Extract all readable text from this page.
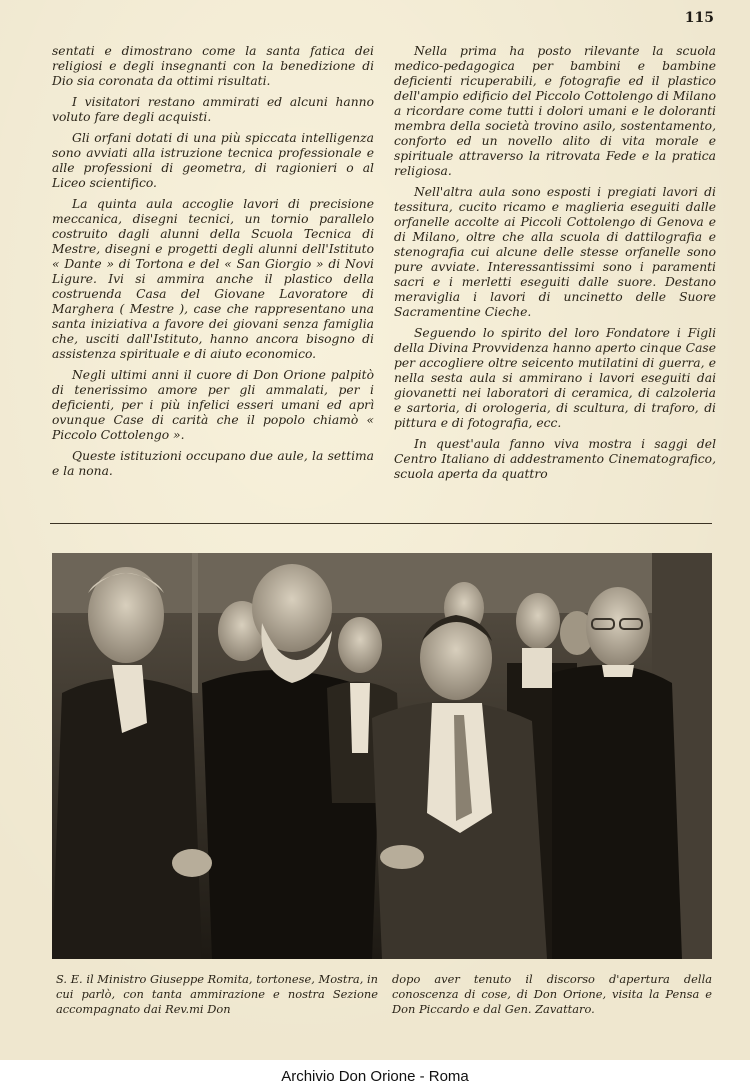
115

sentati e dimostrano come la santa fatica dei religiosi e degli insegnanti con la benedizione di Dio sia coronata da ottimi risultati.

I visitatori restano ammirati ed alcuni hanno voluto fare degli acquisti.

Gli orfani dotati di una più spiccata intelligenza sono avviati alla istruzione tecnica professionale e alle professioni di geometra, di ragionieri o al Liceo scientifico.

La quinta aula accoglie lavori di precisione meccanica, disegni tecnici, un tornio parallelo costruito dagli alunni della Scuola Tecnica di Mestre, disegni e progetti degli alunni dell'Istituto « Dante » di Tortona e del « San Giorgio » di Novi Ligure. Ivi si ammira anche il plastico della costruenda Casa del Giovane Lavoratore di Marghera ( Mestre ), case che rappresentano una santa iniziativa a favore dei giovani senza famiglia che, usciti dall'Istituto, hanno ancora bisogno di assistenza spirituale e di aiuto economico.

Negli ultimi anni il cuore di Don Orione palpitò di tenerissimo amore per gli ammalati, per i deficienti, per i più infelici esseri umani ed aprì ovunque Case di carità che il popolo chiamò « Piccolo Cottolengo ».

Queste istituzioni occupano due aule, la settima e la nona.

Nella prima ha posto rilevante la scuola medico-pedagogica per bambini e bambine deficienti ricuperabili, e fotografie ed il plastico dell'ampio edificio del Piccolo Cottolengo di Milano a ricordare come tutti i dolori umani e le doloranti membra della società trovino asilo, sostentamento, conforto ed un novello alito di vita morale e spirituale attraverso la ritrovata Fede e la pratica religiosa.

Nell'altra aula sono esposti i pregiati lavori di tessitura, cucito ricamo e maglieria eseguiti dalle orfanelle accolte ai Piccoli Cottolengo di Genova e di Milano, oltre che alla scuola di dattilografia e stenografia cui alcune delle stesse orfanelle sono pure avviate. Interessantissimi sono i paramenti sacri e i merletti eseguiti dalle suore. Destano meraviglia i lavori di uncinetto delle Suore Sacramentine Cieche.

Seguendo lo spirito del loro Fondatore i Figli della Divina Provvidenza hanno aperto cinque Case per accogliere oltre seicento mutilatini di guerra, e nella sesta aula si ammirano i lavori eseguiti dai giovanetti nei laboratori di ceramica, di calzoleria e sartoria, di orologeria, di scultura, di traforo, di pittura e di fotografia, ecc.

In quest'aula fanno viva mostra i saggi del Centro Italiano di addestramento Cinematografico, scuola aperta da quattro

S. E. il Ministro Giuseppe Romita, tortonese, Mostra, in cui parlò, con tanta ammirazione e nostra Sezione accompagnato dai Rev.mi Don
dopo aver tenuto il discorso d'apertura della conoscenza di cose, di Don Orione, visita la Pensa e Don Piccardo e dal Gen. Zavattaro.
Archivio Don Orione - Roma
